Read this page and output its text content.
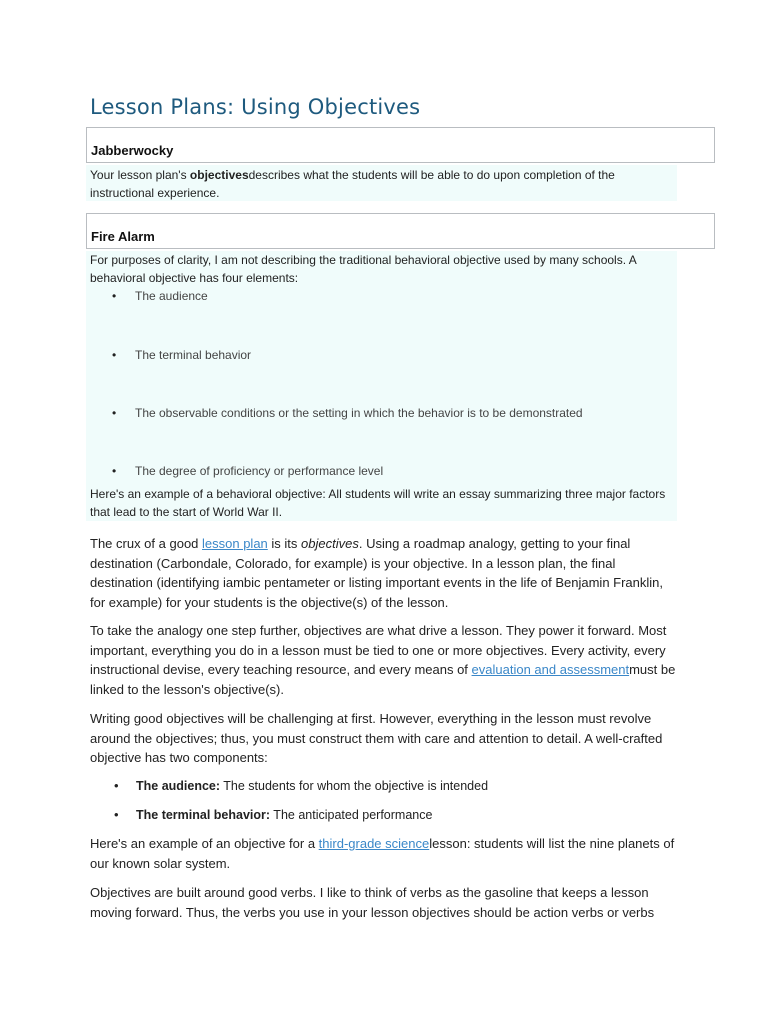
Lesson Plans: Using Objectives
Jabberwocky

Your lesson plan's objectivesdescribes what the students will be able to do upon completion of the instructional experience.

Fire Alarm

For purposes of clarity, I am not describing the traditional behavioral objective used by many schools. A behavioral objective has four elements:

• The audience
• The terminal behavior
• The observable conditions or the setting in which the behavior is to be demonstrated
• The degree of proficiency or performance level

Here's an example of a behavioral objective: All students will write an essay summarizing three major factors that lead to the start of World War II.

The crux of a good lesson plan is its objectives. Using a roadmap analogy, getting to your final destination (Carbondale, Colorado, for example) is your objective. In a lesson plan, the final destination (identifying iambic pentameter or listing important events in the life of Benjamin Franklin, for example) for your students is the objective(s) of the lesson.

To take the analogy one step further, objectives are what drive a lesson. They power it forward. Most important, everything you do in a lesson must be tied to one or more objectives. Every activity, every instructional devise, every teaching resource, and every means of evaluation and assessmentmust be linked to the lesson's objective(s).

Writing good objectives will be challenging at first. However, everything in the lesson must revolve around the objectives; thus, you must construct them with care and attention to detail. A well-crafted objective has two components:

• The audience: The students for whom the objective is intended
• The terminal behavior: The anticipated performance

Here's an example of an objective for a third-grade sciencelesson: students will list the nine planets of our known solar system.

Objectives are built around good verbs. I like to think of verbs as the gasoline that keeps a lesson moving forward. Thus, the verbs you use in your lesson objectives should be action verbs or verbs
